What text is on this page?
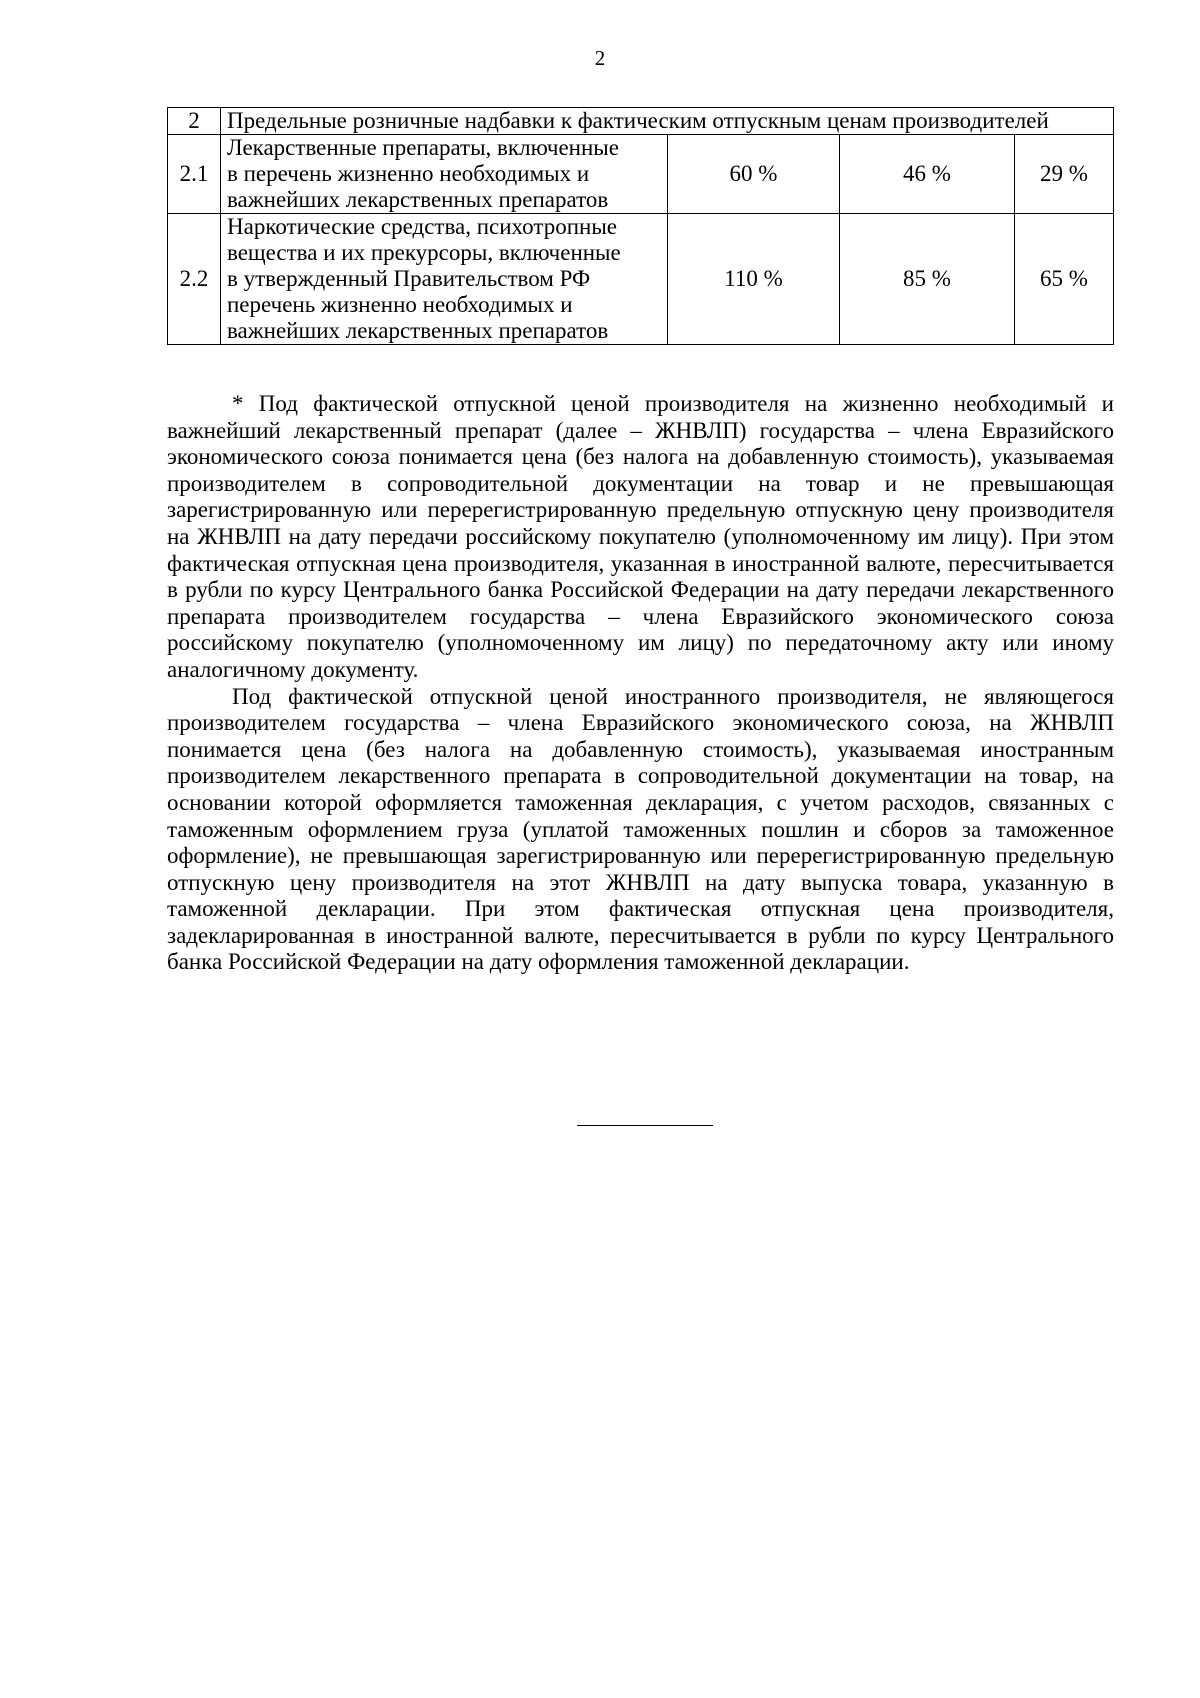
2
2	Предельные розничные надбавки к фактическим отпускным ценам производителей			
2.1	Лекарственные препараты, включенные
в перечень жизненно необходимых и
важнейших лекарственных препаратов	60 %	46 %	29 %
2.2	Наркотические средства, психотропные
вещества и их прекурсоры, включенные
в утвержденный Правительством РФ
перечень жизненно необходимых и
важнейших лекарственных препаратов	110 %	85 %	65 %

* Под фактической отпускной ценой производителя на жизненно необходимый и важнейший лекарственный препарат (далее – ЖНВЛП) государства – члена Евразийского экономического союза понимается цена (без налога на добавленную стоимость), указываемая производителем в сопроводительной документации на товар и не превышающая зарегистрированную или перерегистрированную предельную отпускную цену производителя на ЖНВЛП на дату передачи российскому покупателю (уполномоченному им лицу). При этом фактическая отпускная цена производителя, указанная в иностранной валюте, пересчитывается в рубли по курсу Центрального банка Российской Федерации на дату передачи лекарственного препарата производителем государства – члена Евразийского экономического союза российскому покупателю (уполномоченному им лицу) по передаточному акту или иному аналогичному документу.

Под фактической отпускной ценой иностранного производителя, не являющегося производителем государства – члена Евразийского экономического союза, на ЖНВЛП понимается цена (без налога на добавленную стоимость), указываемая иностранным производителем лекарственного препарата в сопроводительной документации на товар, на основании которой оформляется таможенная декларация, с учетом расходов, связанных с таможенным оформлением груза (уплатой таможенных пошлин и сборов за таможенное оформление), не превышающая зарегистрированную или перерегистрированную предельную отпускную цену производителя на этот ЖНВЛП на дату выпуска товара, указанную в таможенной декларации. При этом фактическая отпускная цена производителя, задекларированная в иностранной валюте, пересчитывается в рубли по курсу Центрального банка Российской Федерации на дату оформления таможенной декларации.
